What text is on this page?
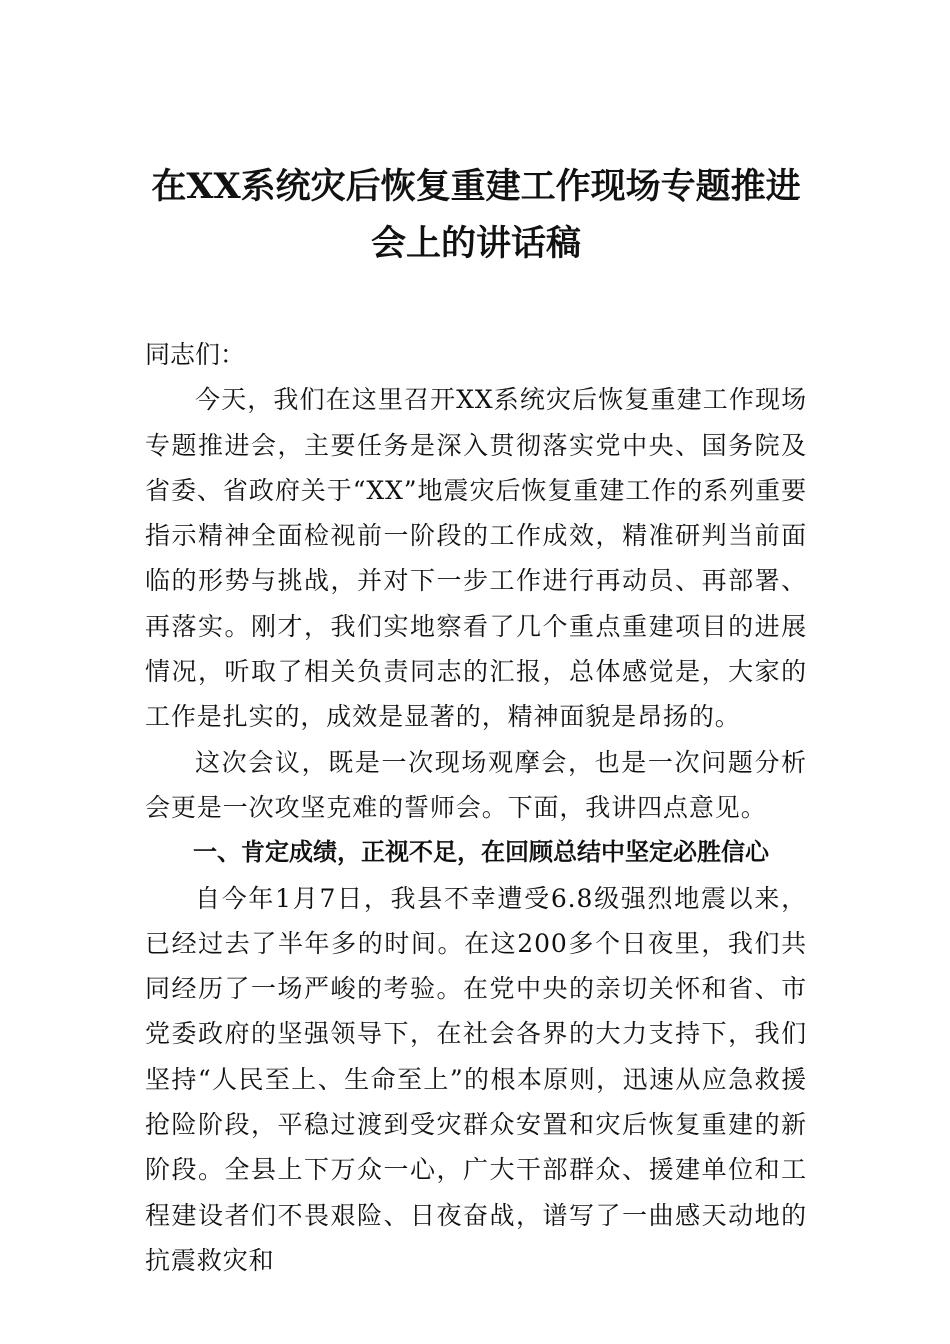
在XX系统灾后恢复重建工作现场专题推进
会上的讲话稿

同志们：

今天，我们在这里召开XX系统灾后恢复重建工作现场专题推进会，主要任务是深入贯彻落实党中央、国务院及省委、省政府关于“XX”地震灾后恢复重建工作的系列重要指示精神全面检视前一阶段的工作成效，精准研判当前面临的形势与挑战，并对下一步工作进行再动员、再部署、再落实。刚才，我们实地察看了几个重点重建项目的进展情况，听取了相关负责同志的汇报，总体感觉是，大家的工作是扎实的，成效是显著的，精神面貌是昂扬的。

这次会议，既是一次现场观摩会，也是一次问题分析会更是一次攻坚克难的誓师会。下面，我讲四点意见。

一、肯定成绩，正视不足，在回顾总结中坚定必胜信心

自今年1月7日，我县不幸遭受6.8级强烈地震以来，已经过去了半年多的时间。在这200多个日夜里，我们共同经历了一场严峻的考验。在党中央的亲切关怀和省、市党委政府的坚强领导下，在社会各界的大力支持下，我们坚持“人民至上、生命至上”的根本原则，迅速从应急救援抢险阶段，平稳过渡到受灾群众安置和灾后恢复重建的新阶段。全县上下万众一心，广大干部群众、援建单位和工程建设者们不畏艰险、日夜奋战，谱写了一曲感天动地的抗震救灾和
